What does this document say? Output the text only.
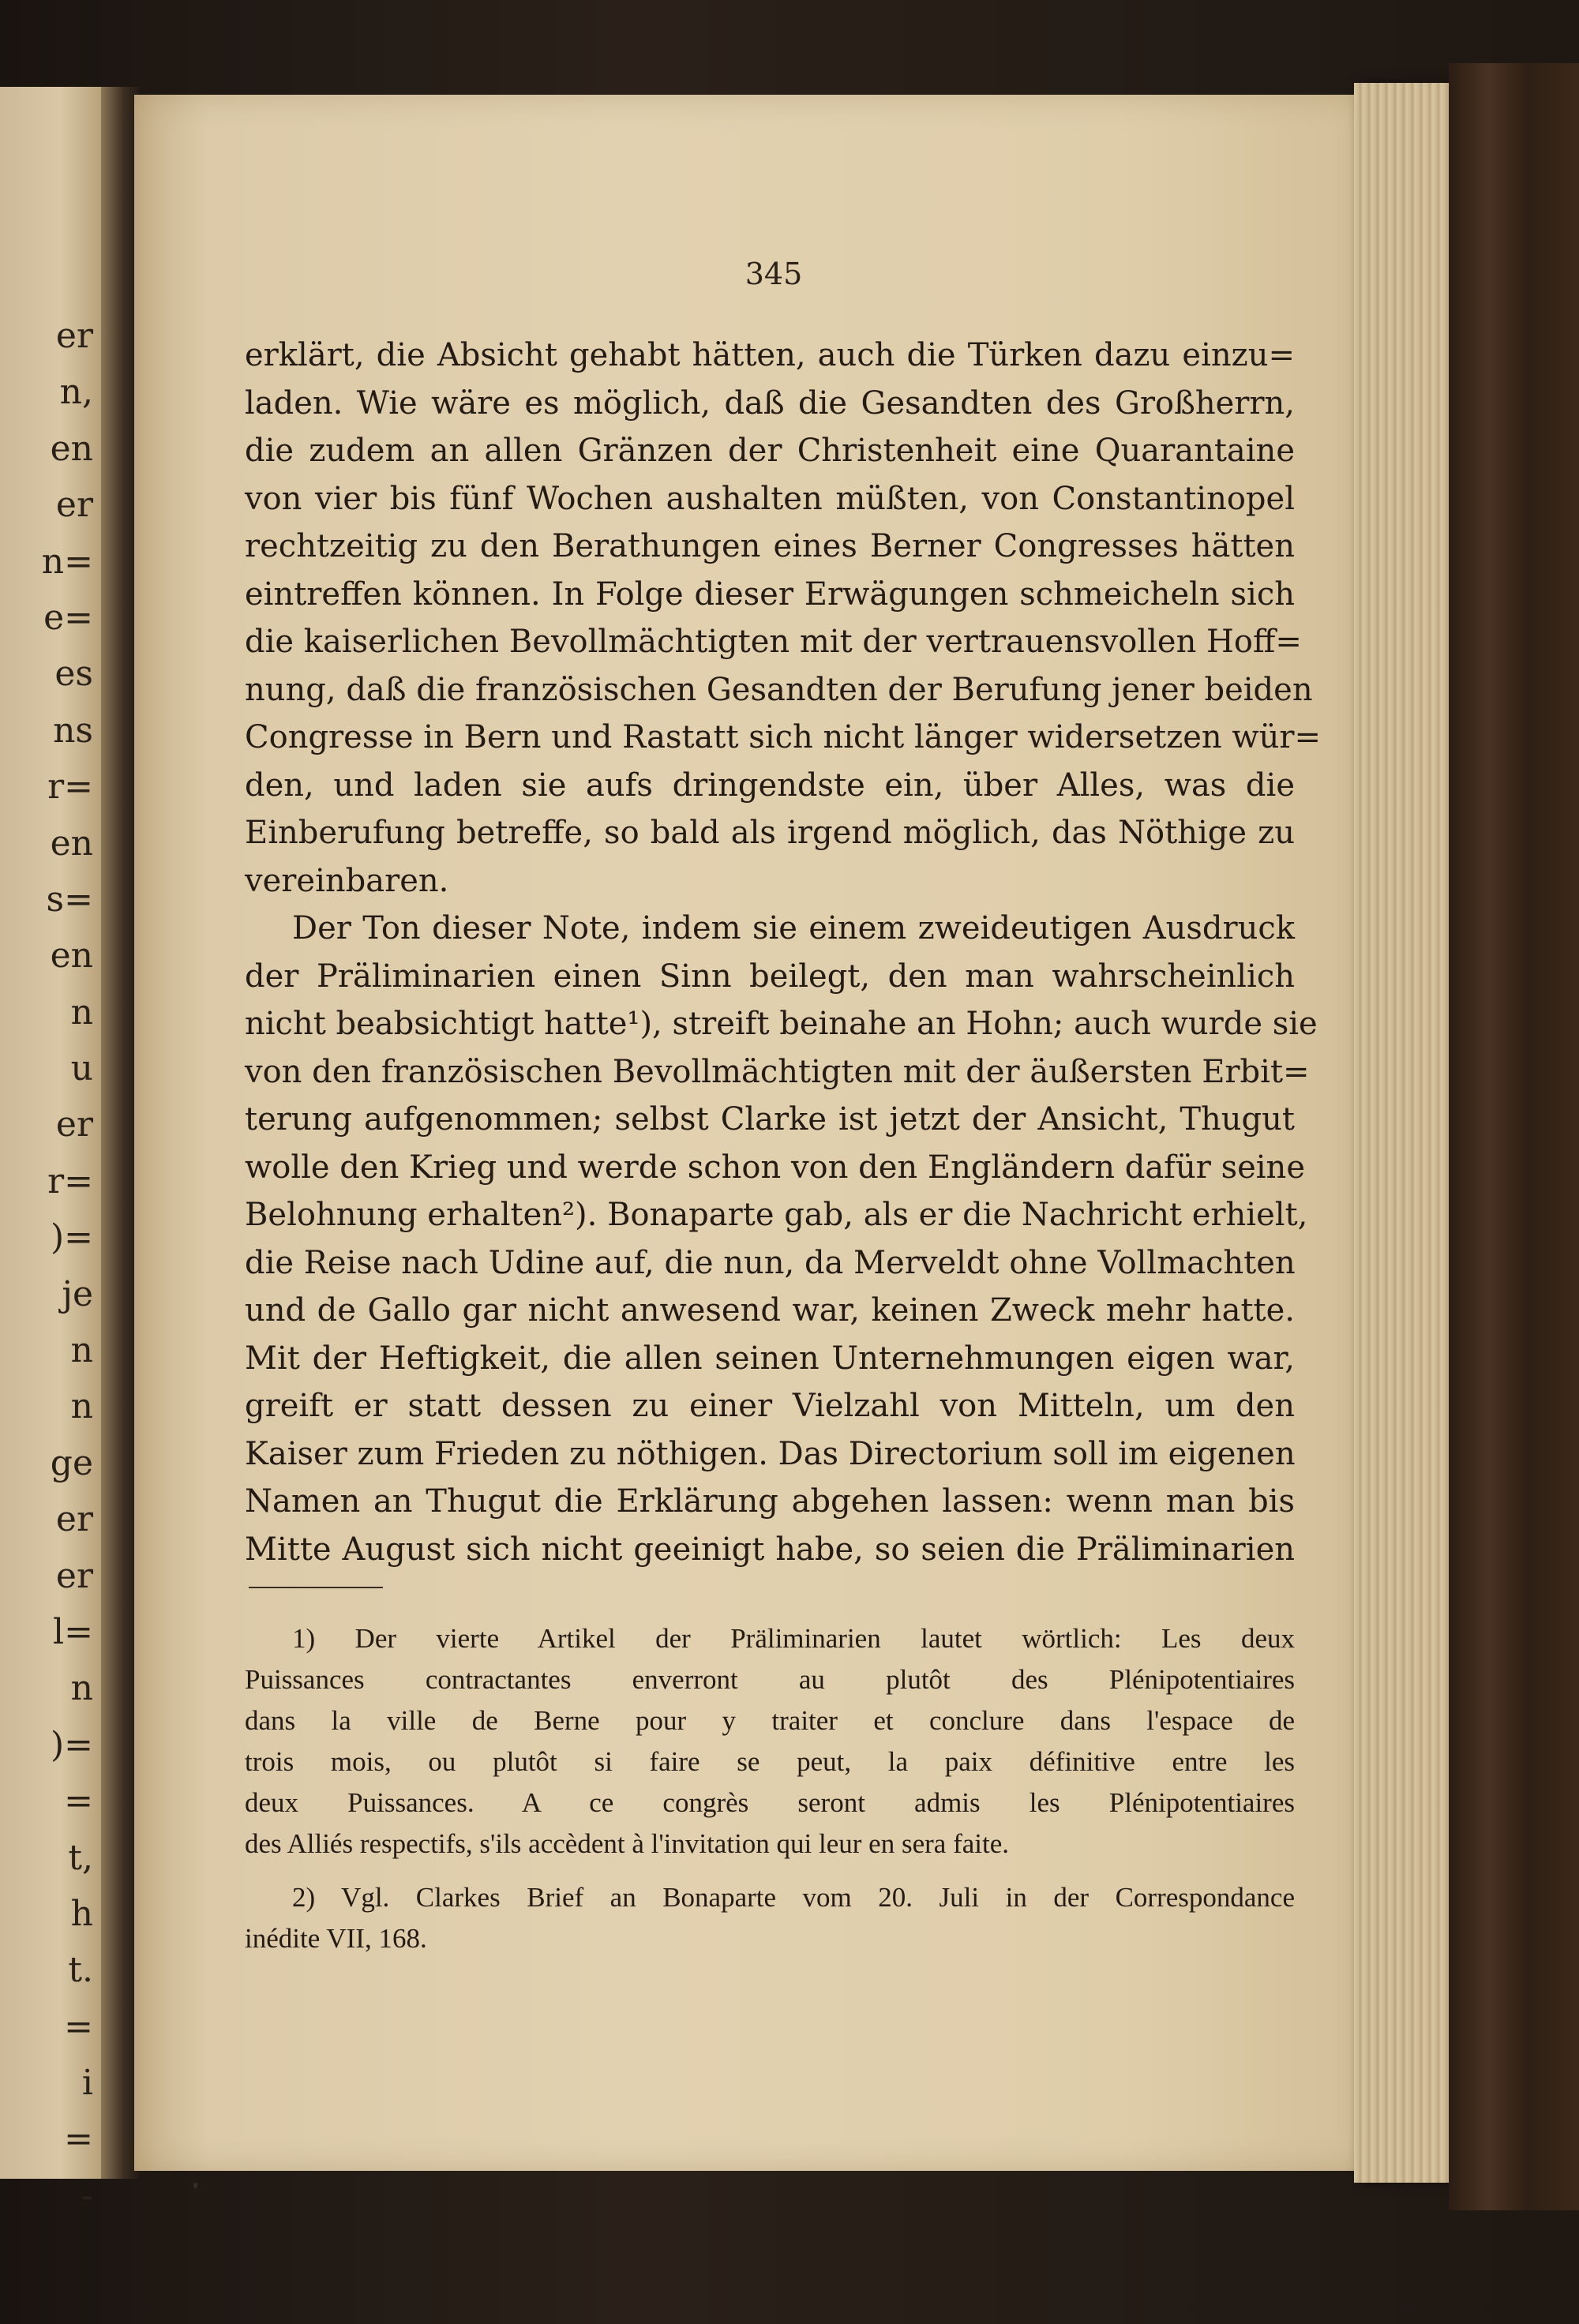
er
n,
en
er
n=
e=
es
ns
r=
en
s=
en
n
u
er
r=
)=
je
n
n
ge
er
er
l=
n
)=
=
t,
h
t.
=
i
=
-
345

erklärt, die Absicht gehabt hätten, auch die Türken dazu einzu=
laden. Wie wäre es möglich, daß die Gesandten des Großherrn,
die zudem an allen Gränzen der Christenheit eine Quarantaine
von vier bis fünf Wochen aushalten müßten, von Constantinopel
rechtzeitig zu den Berathungen eines Berner Congresses hätten
eintreffen können. In Folge dieser Erwägungen schmeicheln sich
die kaiserlichen Bevollmächtigten mit der vertrauensvollen Hoff=
nung, daß die französischen Gesandten der Berufung jener beiden
Congresse in Bern und Rastatt sich nicht länger widersetzen wür=
den, und laden sie aufs dringendste ein, über Alles, was die
Einberufung betreffe, so bald als irgend möglich, das Nöthige zu
vereinbaren.

Der Ton dieser Note, indem sie einem zweideutigen Ausdruck
der Präliminarien einen Sinn beilegt, den man wahrscheinlich
nicht beabsichtigt hatte¹), streift beinahe an Hohn; auch wurde sie
von den französischen Bevollmächtigten mit der äußersten Erbit=
terung aufgenommen; selbst Clarke ist jetzt der Ansicht, Thugut
wolle den Krieg und werde schon von den Engländern dafür seine
Belohnung erhalten²). Bonaparte gab, als er die Nachricht erhielt,
die Reise nach Udine auf, die nun, da Merveldt ohne Vollmachten
und de Gallo gar nicht anwesend war, keinen Zweck mehr hatte.
Mit der Heftigkeit, die allen seinen Unternehmungen eigen war,
greift er statt dessen zu einer Vielzahl von Mitteln, um den
Kaiser zum Frieden zu nöthigen. Das Directorium soll im eigenen
Namen an Thugut die Erklärung abgehen lassen: wenn man bis
Mitte August sich nicht geeinigt habe, so seien die Präliminarien

1) Der vierte Artikel der Präliminarien lautet wörtlich: Les deux
Puissances contractantes enverront au plutôt des Plénipotentiaires
dans la ville de Berne pour y traiter et conclure dans l'espace de
trois mois, ou plutôt si faire se peut, la paix définitive entre les
deux Puissances. A ce congrès seront admis les Plénipotentiaires
des Alliés respectifs, s'ils accèdent à l'invitation qui leur en sera faite.
2) Vgl. Clarkes Brief an Bonaparte vom 20. Juli in der Correspondance
inédite VII, 168.
